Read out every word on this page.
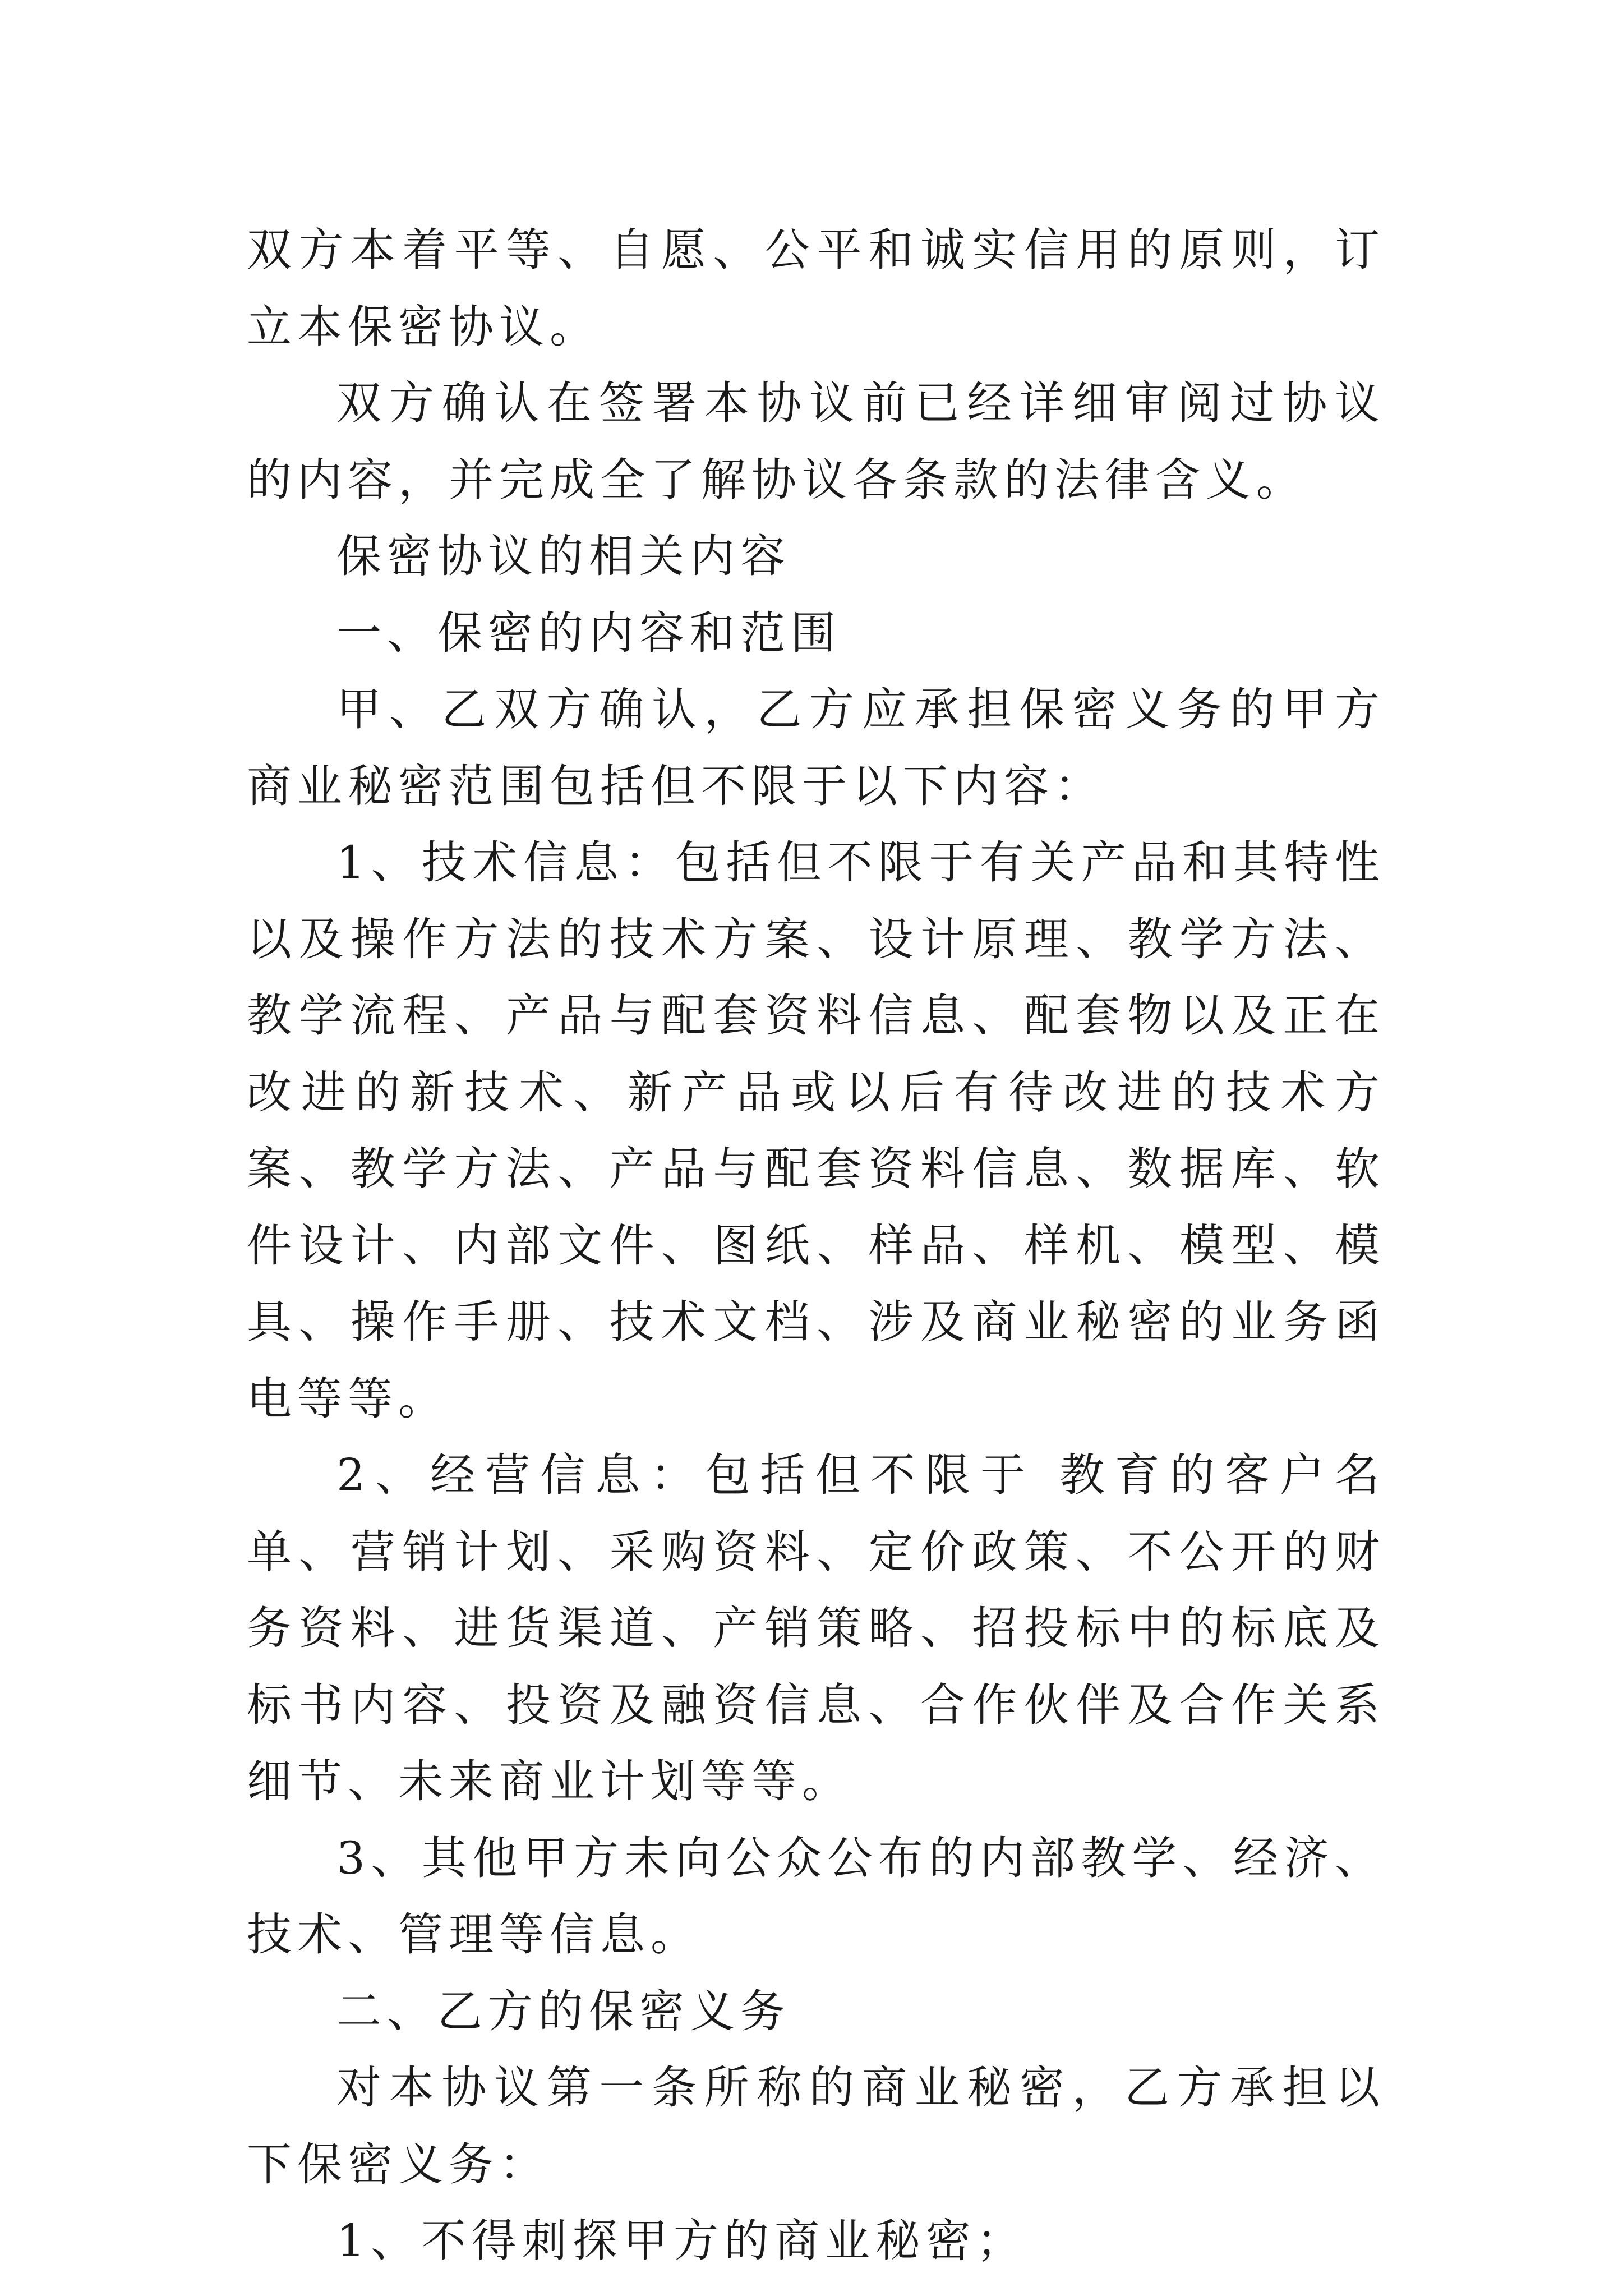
双方本着平等、自愿、公平和诚实信用的原则，订立本保密协议。

双方确认在签署本协议前已经详细审阅过协议的内容，并完成全了解协议各条款的法律含义。

保密协议的相关内容

一、保密的内容和范围

甲、乙双方确认，乙方应承担保密义务的甲方商业秘密范围包括但不限于以下内容：

1、技术信息：包括但不限于有关产品和其特性以及操作方法的技术方案、设计原理、教学方法、教学流程、产品与配套资料信息、配套物以及正在改进的新技术、新产品或以后有待改进的技术方案、教学方法、产品与配套资料信息、数据库、软件设计、内部文件、图纸、样品、样机、模型、模具、操作手册、技术文档、涉及商业秘密的业务函电等等。

2、经营信息：包括但不限于 教育的客户名单、营销计划、采购资料、定价政策、不公开的财务资料、进货渠道、产销策略、招投标中的标底及标书内容、投资及融资信息、合作伙伴及合作关系细节、未来商业计划等等。

3、其他甲方未向公众公布的内部教学、经济、技术、管理等信息。

二、乙方的保密义务

对本协议第一条所称的商业秘密，乙方承担以下保密义务：

1、不得刺探甲方的商业秘密；
